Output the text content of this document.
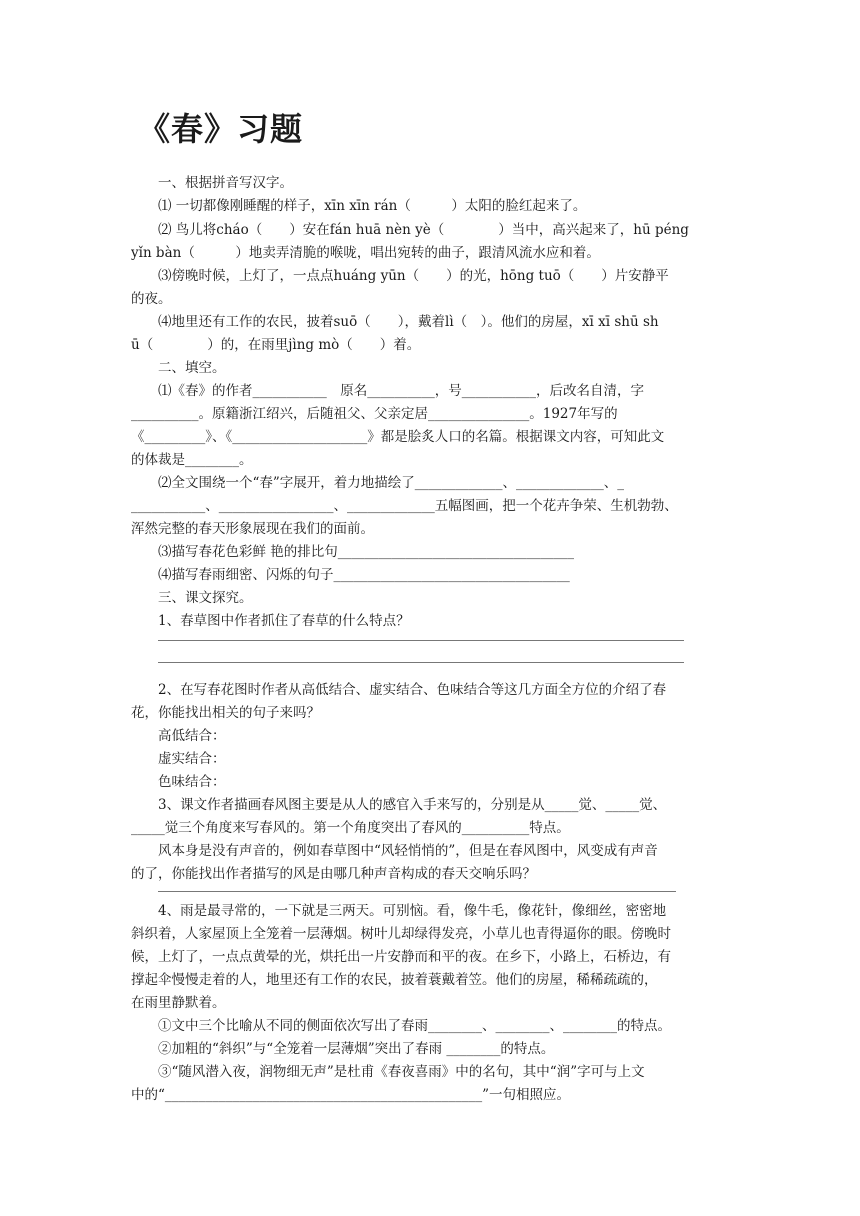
《春》习题
一、根据拼音写汉字。
⑴ 一切都像刚睡醒的样子，xīn xīn rán（　　　）太阳的脸红起来了。
⑵ 鸟儿将cháo（　　）安在fán huā nèn yè（　　　　）当中，高兴起来了，hū péng
yǐn bàn（　　　）地卖弄清脆的喉咙，唱出宛转的曲子，跟清风流水应和着。
⑶傍晚时候，上灯了，一点点huáng yūn（　　）的光，hōng tuō（　　）片安静平
的夜。
⑷地里还有工作的农民，披着suō（　　），戴着lì（　）。他们的房屋，xī xī shū sh
ū（　　　　）的，在雨里jìng mò（　　）着。
二、填空。
⑴《春》的作者___________　原名__________，号___________，后改名自清，字
__________。原籍浙江绍兴，后随祖父、父亲定居_______________。1927年写的
《_________》、《____________________》都是脍炙人口的名篇。根据课文内容，可知此文
的体裁是________。
⑵全文围绕一个“春”字展开，着力地描绘了_____________、_____________、_
___________、_________________、_____________五幅图画，把一个花卉争荣、生机勃勃、
浑然完整的春天形象展现在我们的面前。
⑶描写春花色彩鲜 艳的排比句___________________________________
⑷描写春雨细密、闪烁的句子___________________________________
三、课文探究。
1、春草图中作者抓住了春草的什么特点？
2、在写春花图时作者从高低结合、虚实结合、色味结合等这几方面全方位的介绍了春
花，你能找出相关的句子来吗？
高低结合：
虚实结合：
色味结合：
3、课文作者描画春风图主要是从人的感官入手来写的，分别是从_____觉、_____觉、
_____觉三个角度来写春风的。第一个角度突出了春风的__________特点。
风本身是没有声音的，例如春草图中“风轻悄悄的”，但是在春风图中，风变成有声音
的了，你能找出作者描写的风是由哪几种声音构成的春天交响乐吗？
4、雨是最寻常的，一下就是三两天。可别恼。看，像牛毛，像花针，像细丝，密密地
斜织着，人家屋顶上全笼着一层薄烟。树叶儿却绿得发亮，小草儿也青得逼你的眼。傍晚时
候，上灯了，一点点黄晕的光，烘托出一片安静而和平的夜。在乡下，小路上，石桥边，有
撑起伞慢慢走着的人，地里还有工作的农民，披着蓑戴着笠。他们的房屋，稀稀疏疏的，
在雨里静默着。
①文中三个比喻从不同的侧面依次写出了春雨________、________、________的特点。
②加粗的“斜织”与“全笼着一层薄烟”突出了春雨 ________的特点。
③“随风潜入夜，润物细无声”是杜甫《春夜喜雨》中的名句，其中“润”字可与上文
中的“_______________________________________________”一句相照应。
